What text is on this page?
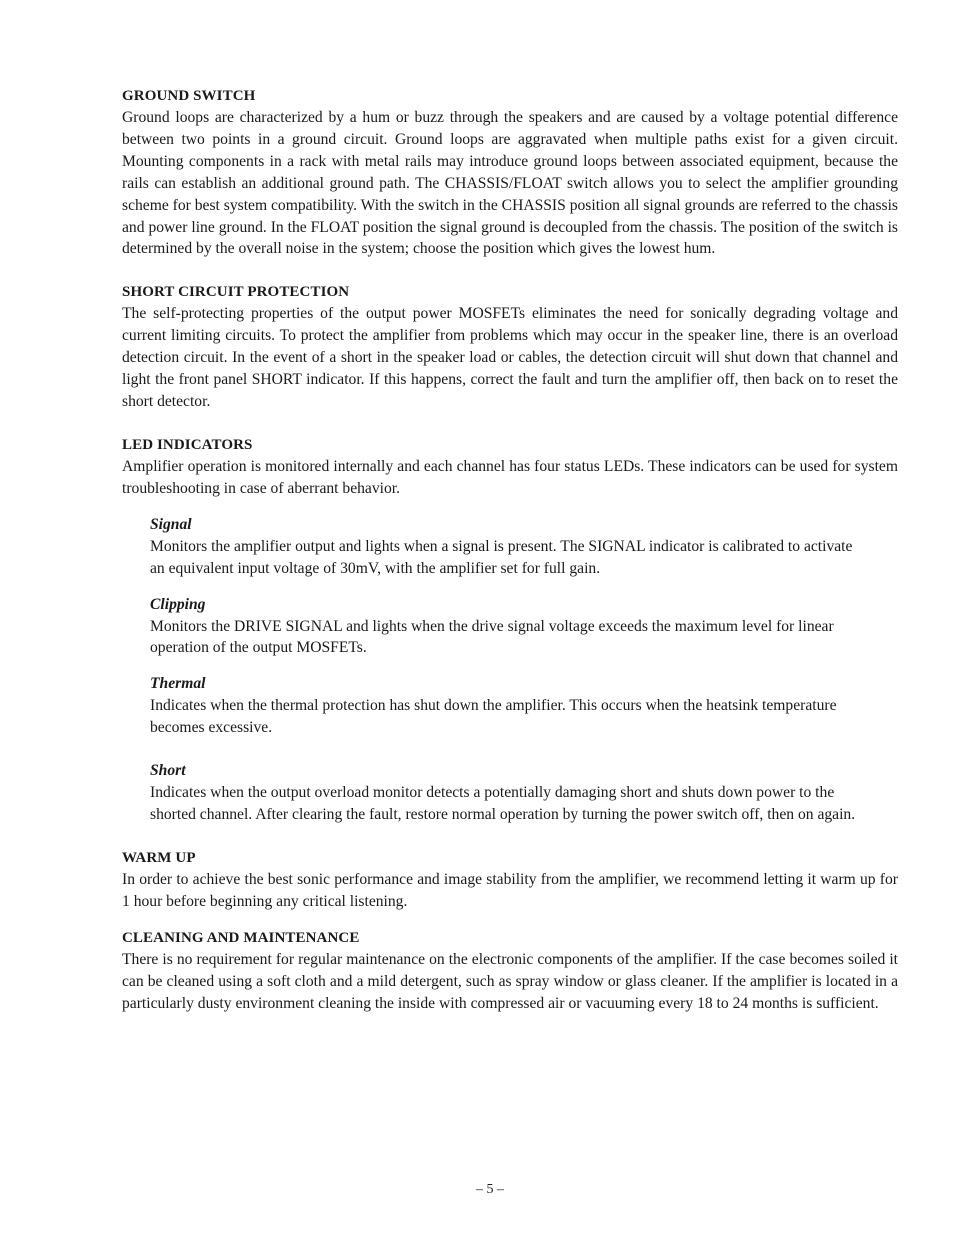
GROUND SWITCH

Ground loops are characterized by a hum or buzz through the speakers and are caused by a voltage potential difference between two points in a ground circuit. Ground loops are aggravated when multiple paths exist for a given circuit. Mounting components in a rack with metal rails may introduce ground loops between associated equipment, because the rails can establish an additional ground path. The CHASSIS/FLOAT switch allows you to select the amplifier grounding scheme for best system compatibility. With the switch in the CHASSIS position all signal grounds are referred to the chassis and power line ground. In the FLOAT position the signal ground is decoupled from the chassis. The position of the switch is determined by the overall noise in the system; choose the position which gives the lowest hum.

SHORT CIRCUIT PROTECTION

The self-protecting properties of the output power MOSFETs eliminates the need for sonically degrading voltage and current limiting circuits. To protect the amplifier from problems which may occur in the speaker line, there is an overload detection circuit. In the event of a short in the speaker load or cables, the detection circuit will shut down that channel and light the front panel SHORT indicator. If this happens, correct the fault and turn the amplifier off, then back on to reset the short detector.

LED INDICATORS

Amplifier operation is monitored internally and each channel has four status LEDs. These indicators can be used for system troubleshooting in case of aberrant behavior.

Signal

Monitors the amplifier output and lights when a signal is present. The SIGNAL indicator is calibrated to activate an equivalent input voltage of 30mV, with the amplifier set for full gain.

Clipping

Monitors the DRIVE SIGNAL and lights when the drive signal voltage exceeds the maximum level for linear operation of the output MOSFETs.

Thermal

Indicates when the thermal protection has shut down the amplifier. This occurs when the heatsink temperature becomes excessive.

Short

Indicates when the output overload monitor detects a potentially damaging short and shuts down power to the shorted channel. After clearing the fault, restore normal operation by turning the power switch off, then on again.

WARM UP

In order to achieve the best sonic performance and image stability from the amplifier, we recommend letting it warm up for 1 hour before beginning any critical listening.

CLEANING AND MAINTENANCE

There is no requirement for regular maintenance on the electronic components of the amplifier. If the case becomes soiled it can be cleaned using a soft cloth and a mild detergent, such as spray window or glass cleaner. If the amplifier is located in a particularly dusty environment cleaning the inside with compressed air or vacuuming every 18 to 24 months is sufficient.

– 5 –
